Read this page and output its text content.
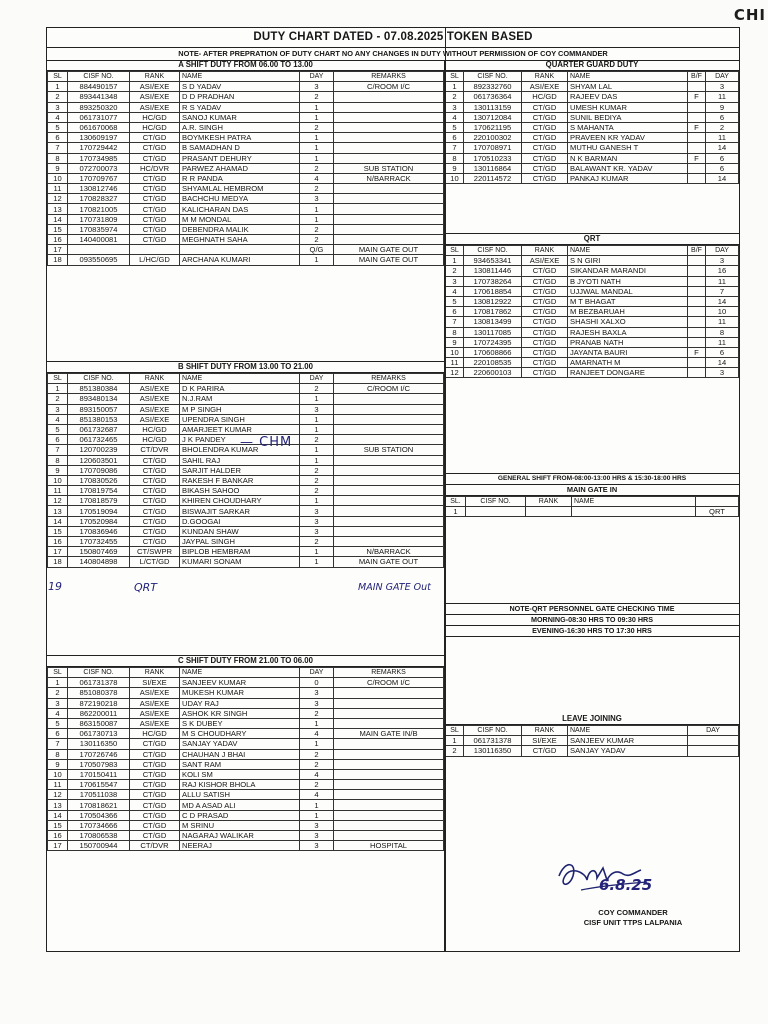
CHI
DUTY CHART DATED - 07.08.2025 TOKEN BASED
NOTE- AFTER PREPRATION OF DUTY CHART NO ANY CHANGES IN DUTY WITHOUT PERMISSION OF COY COMMANDER
A SHIFT DUTY FROM 06.00 TO 13.00
SL	CISF NO.	RANK	NAME	DAY	REMARKS
1	884490157	ASI/EXE	S D YADAV	3	C/ROOM I/C
2	893441348	ASI/EXE	D D PRADHAN	2	
3	893250320	ASI/EXE	R S YADAV	1	
4	061731077	HC/GD	SANOJ KUMAR	1	
5	061670068	HC/GD	A.R. SINGH	2	
6	130609197	CT/GD	BOYMKESH PATRA	1	
7	170729442	CT/GD	B SAMADHAN D	1	
8	170734985	CT/GD	PRASANT DEHURY	1	
9	072700073	HC/DVR	PARWEZ AHAMAD	2	SUB STATION
10	170709767	CT/GD	R R PANDA	4	N/BARRACK
11	130812746	CT/GD	SHYAMLAL HEMBROM	2	
12	170828327	CT/GD	BACHCHU MEDYA	3	
13	170821005	CT/GD	KALICHARAN DAS	1	
14	170731809	CT/GD	M M MONDAL	1	
15	170835974	CT/GD	DEBENDRA MALIK	2	
16	140400081	CT/GD	MEGHNATH SAHA	2	
17				Q/G	MAIN GATE OUT
18	093550695	L/HC/GD	ARCHANA KUMARI	1	MAIN GATE OUT
B SHIFT DUTY FROM 13.00 TO 21.00
SL	CISF NO.	RANK	NAME	DAY	REMARKS
1	851380384	ASI/EXE	D K PARIRA	2	C/ROOM I/C
2	893480134	ASI/EXE	N.J.RAM	1	
3	893150057	ASI/EXE	M P SINGH	3	
4	851380153	ASI/EXE	UPENDRA SINGH	1	
5	061732687	HC/GD	AMARJEET KUMAR	1	
6	061732465	HC/GD	J K PANDEY	2	
7	120700239	CT/DVR	BHOLENDRA KUMAR	1	SUB STATION
8	120603501	CT/GD	SAHIL RAJ	1	
9	170709086	CT/GD	SARJIT HALDER	2	
10	170830526	CT/GD	RAKESH F BANKAR	2	
11	170819754	CT/GD	BIKASH SAHOO	2	
12	170818579	CT/GD	KHIREN CHOUDHARY	1	
13	170519094	CT/GD	BISWAJIT SARKAR	3	
14	170520984	CT/GD	D.GOOGAI	3	
15	170836946	CT/GD	KUNDAN SHAW	3	
16	170732455	CT/GD	JAYPAL SINGH	2	
17	150807469	CT/SWPR	BIPLOB HEMBRAM	1	N/BARRACK
18	140804898	L/CT/GD	KUMARI SONAM	1	MAIN GATE OUT
C SHIFT DUTY FROM 21.00 TO 06.00
SL	CISF NO.	RANK	NAME	DAY	REMARKS
1	061731378	SI/EXE	SANJEEV KUMAR	0	C/ROOM I/C
2	851080378	ASI/EXE	MUKESH KUMAR	3	
3	872190218	ASI/EXE	UDAY RAJ	3	
4	862200011	ASI/EXE	ASHOK KR SINGH	2	
5	863150087	ASI/EXE	S K DUBEY	1	
6	061730713	HC/GD	M S CHOUDHARY	4	MAIN GATE IN/B
7	130116350	CT/GD	SANJAY YADAV	1	
8	170726746	CT/GD	CHAUHAN J BHAI	2	
9	170507983	CT/GD	SANT RAM	2	
10	170150411	CT/GD	KOLI SM	4	
11	170615547	CT/GD	RAJ KISHOR BHOLA	2	
12	170511038	CT/GD	ALLU SATISH	4	
13	170818621	CT/GD	MD A ASAD ALI	1	
14	170504366	CT/GD	C D PRASAD	1	
15	170734666	CT/GD	M SRINU	3	
16	170806538	CT/GD	NAGARAJ WALIKAR	3	
17	150700944	CT/DVR	NEERAJ	3	HOSPITAL
QUARTER GUARD DUTY
SL	CISF NO.	RANK	NAME	B/F	DAY
1	892332760	ASI/EXE	SHYAM LAL		3
2	061736364	HC/GD	RAJEEV DAS	F	11
3	130113159	CT/GD	UMESH KUMAR		9
4	130712084	CT/GD	SUNIL BEDIYA		6
5	170621195	CT/GD	S MAHANTA	F	2
6	220100302	CT/GD	PRAVEEN KR YADAV		11
7	170708971	CT/GD	MUTHU GANESH T		14
8	170510233	CT/GD	N K BARMAN	F	6
9	130116864	CT/GD	BALAWANT KR. YADAV		6
10	220114572	CT/GD	PANKAJ KUMAR		14
QRT
SL	CISF NO.	RANK	NAME	B/F	DAY
1	934653341	ASI/EXE	S N GIRI		3
2	130811446	CT/GD	SIKANDAR MARANDI		16
3	170738264	CT/GD	B JYOTI NATH		11
4	170618854	CT/GD	UJJWAL MANDAL		7
5	130812922	CT/GD	M T BHAGAT		14
6	170817862	CT/GD	M BEZBARUAH		10
7	130813499	CT/GD	SHASHI XALXO		11
8	130117085	CT/GD	RAJESH BAXLA		8
9	170724395	CT/GD	PRANAB NATH		11
10	170608866	CT/GD	JAYANTA BAURI	F	6
11	220108535	CT/GD	AMARNATH M		14
12	220600103	CT/GD	RANJEET DONGARE		3
GENERAL SHIFT FROM-08:00-13:00 HRS & 15:30-18:00 HRS
MAIN GATE IN
SL.	CISF NO.	RANK	NAME	
1				QRT
NOTE-QRT PERSONNEL GATE CHECKING TIME
MORNING-08:30 HRS TO 09:30 HRS
EVENING-16:30 HRS TO 17:30 HRS
LEAVE JOINING
SL	CISF NO.	RANK	NAME	DAY
1	061731378	SI/EXE	SANJEEV KUMAR	
2	130116350	CT/GD	SANJAY YADAV	
6.8.25
COY COMMANDER
CISF UNIT TTPS LALPANIA
— CHM
19	QRT	MAIN GATE Out
